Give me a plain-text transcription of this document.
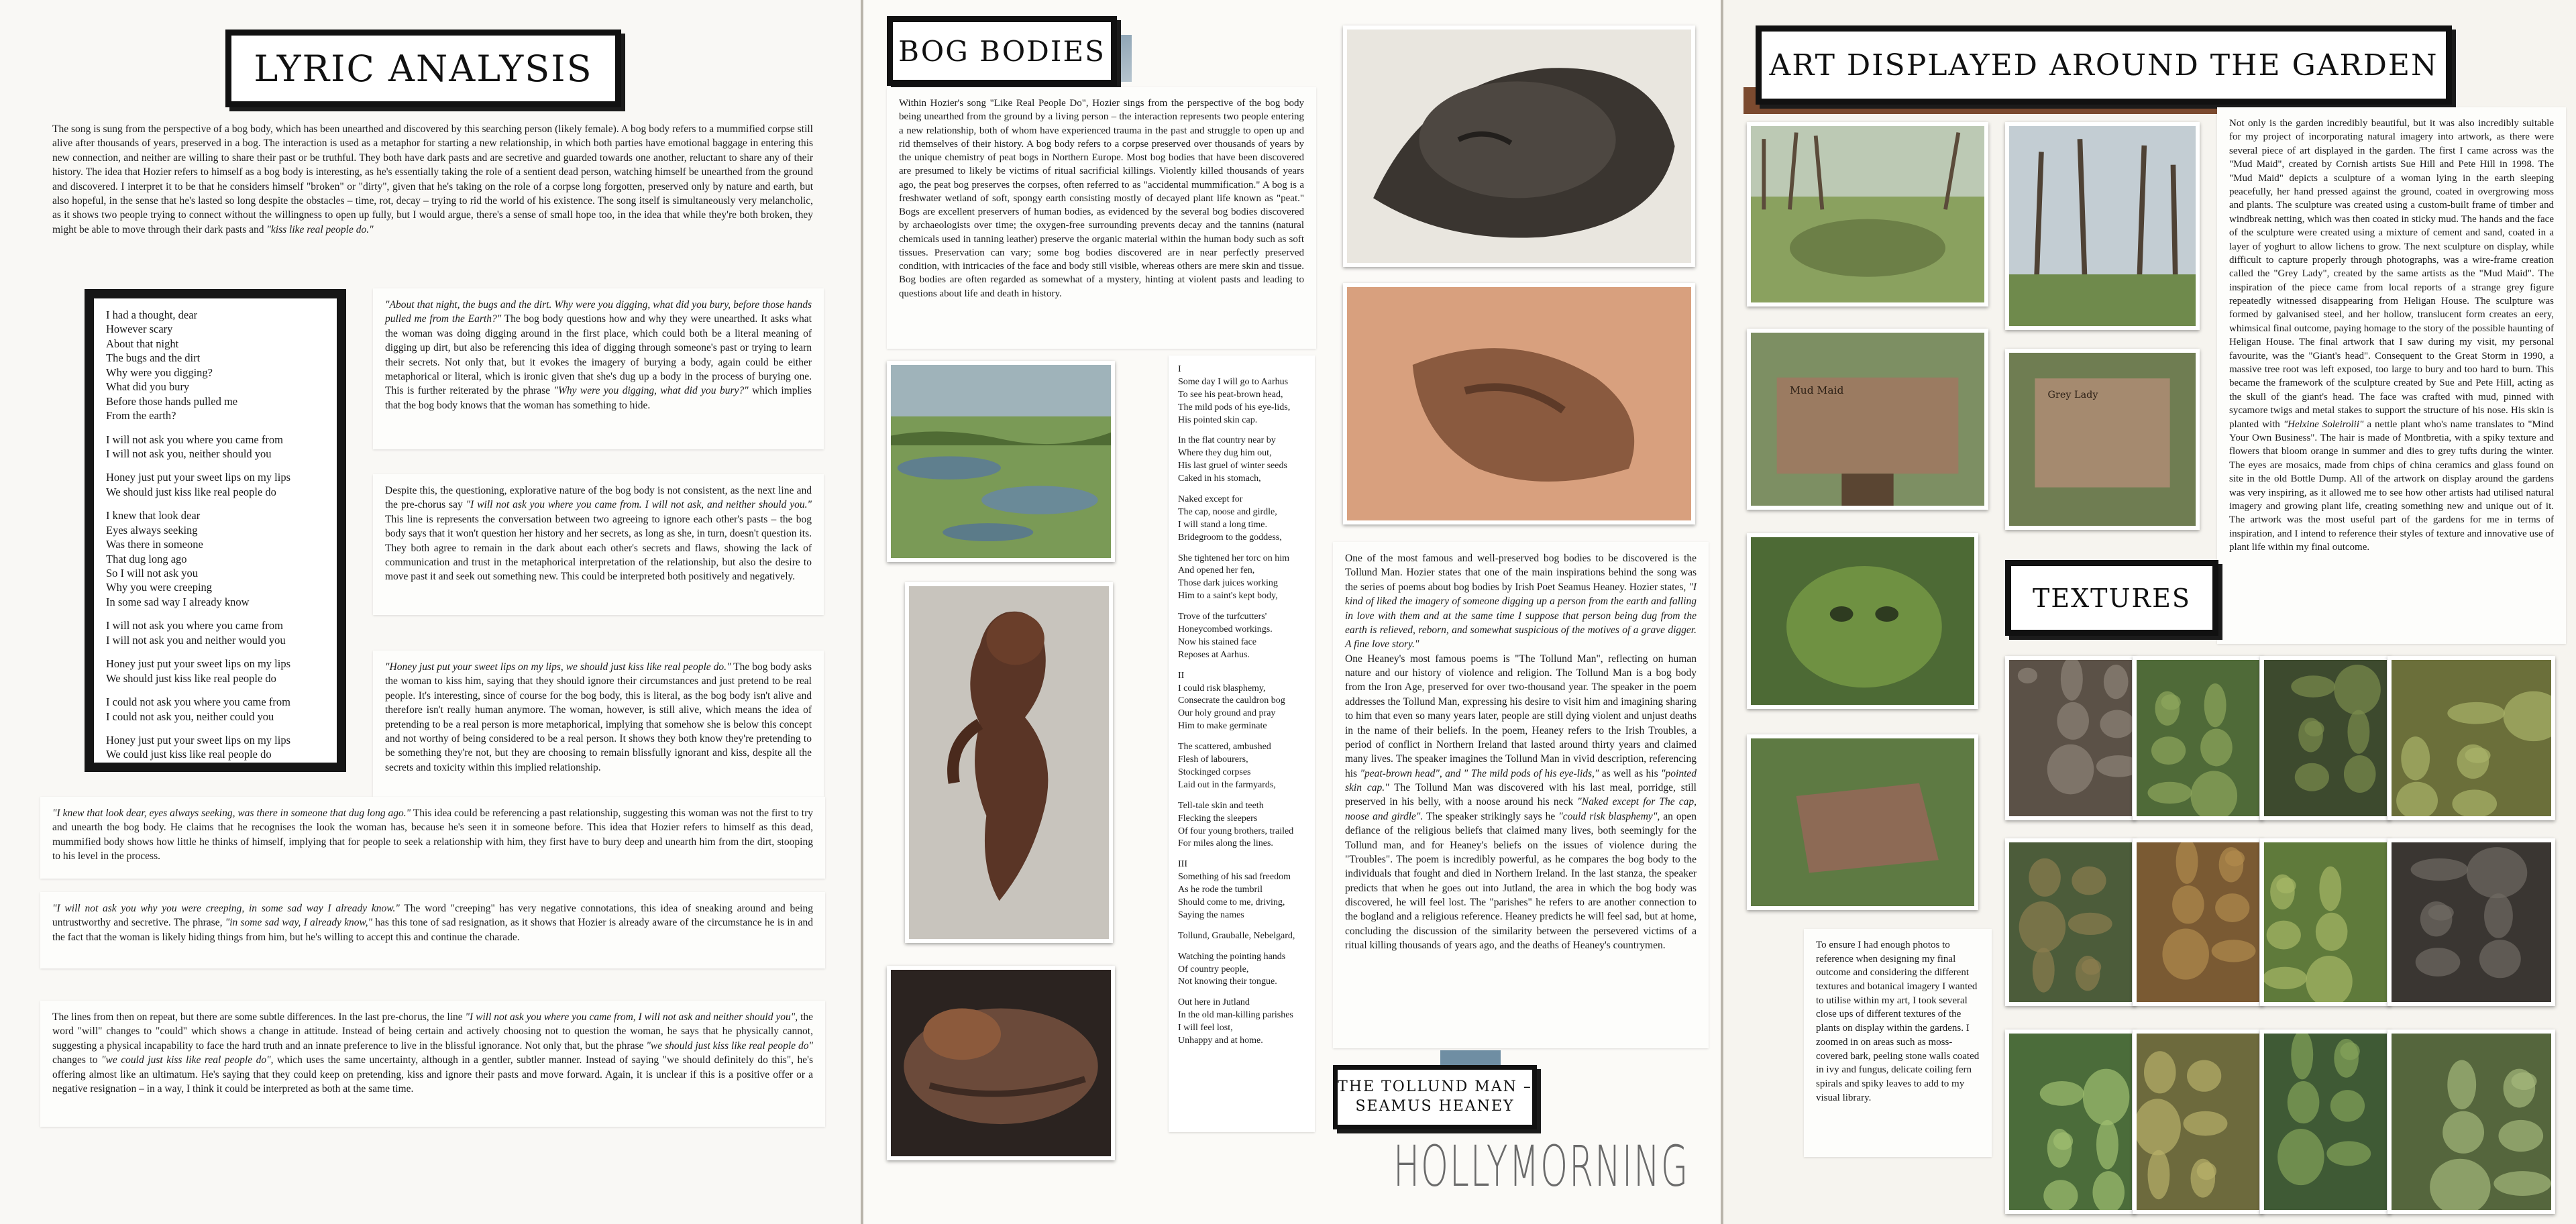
LYRIC ANALYSIS

The song is sung from the perspective of a bog body, which has been unearthed and discovered by this searching person (likely female). A bog body refers to a mummified corpse still alive after thousands of years, preserved in a bog. The interaction is used as a metaphor for starting a new relationship, in which both parties have emotional baggage in entering this new connection, and neither are willing to share their past or be truthful. They both have dark pasts and are secretive and guarded towards one another, reluctant to share any of their history. The idea that Hozier refers to himself as a bog body is interesting, as he's essentially taking the role of a sentient dead person, watching himself be unearthed from the ground and discovered. I interpret it to be that he considers himself "broken" or "dirty", given that he's taking on the role of a corpse long forgotten, preserved only by nature and earth, but also hopeful, in the sense that he's lasted so long despite the obstacles – time, rot, decay – trying to rid the world of his existence. The song itself is simultaneously very melancholic, as it shows two people trying to connect without the willingness to open up fully, but I would argue, there's a sense of small hope too, in the idea that while they're both broken, they might be able to move through their dark pasts and "kiss like real people do."

I had a thought, dear
However scary
About that night
The bugs and the dirt
Why were you digging?
What did you bury
Before those hands pulled me
From the earth?
I will not ask you where you came from
I will not ask you, neither should you
Honey just put your sweet lips on my lips
We should just kiss like real people do
I knew that look dear
Eyes always seeking
Was there in someone
That dug long ago
So I will not ask you
Why you were creeping
In some sad way I already know
I will not ask you where you came from
I will not ask you and neither would you
Honey just put your sweet lips on my lips
We should just kiss like real people do
I could not ask you where you came from
I could not ask you, neither could you
Honey just put your sweet lips on my lips
We could just kiss like real people do

"About that night, the bugs and the dirt. Why were you digging, what did you bury, before those hands pulled me from the Earth?" The bog body questions how and why they were unearthed. It asks what the woman was doing digging around in the first place, which could both be a literal meaning of digging up dirt, but also be referencing this idea of digging through someone's past or trying to learn their secrets. Not only that, but it evokes the imagery of burying a body, again could be either metaphorical or literal, which is ironic given that she's dug up a body in the process of burying one. This is further reiterated by the phrase "Why were you digging, what did you bury?" which implies that the bog body knows that the woman has something to hide.

Despite this, the questioning, explorative nature of the bog body is not consistent, as the next line and the pre-chorus say "I will not ask you where you came from. I will not ask, and neither should you." This line is represents the conversation between two agreeing to ignore each other's pasts – the bog body says that it won't question her history and her secrets, as long as she, in turn, doesn't question its. They both agree to remain in the dark about each other's secrets and flaws, showing the lack of communication and trust in the metaphorical interpretation of the relationship, but also the desire to move past it and seek out something new. This could be interpreted both positively and negatively.

"Honey just put your sweet lips on my lips, we should just kiss like real people do." The bog body asks the woman to kiss him, saying that they should ignore their circumstances and just pretend to be real people. It's interesting, since of course for the bog body, this is literal, as the bog body isn't alive and therefore isn't really human anymore. The woman, however, is still alive, which means the idea of pretending to be a real person is more metaphorical, implying that somehow she is below this concept and not worthy of being considered to be a real person. It shows they both know they're pretending to be something they're not, but they are choosing to remain blissfully ignorant and kiss, despite all the secrets and toxicity within this implied relationship.

"I knew that look dear, eyes always seeking, was there in someone that dug long ago." This idea could be referencing a past relationship, suggesting this woman was not the first to try and unearth the bog body. He claims that he recognises the look the woman has, because he's seen it in someone before. This idea that Hozier refers to himself as this dead, mummified body shows how little he thinks of himself, implying that for people to seek a relationship with him, they first have to bury deep and unearth him from the dirt, stooping to his level in the process.

"I will not ask you why you were creeping, in some sad way I already know." The word "creeping" has very negative connotations, this idea of sneaking around and being untrustworthy and secretive. The phrase, "in some sad way, I already know," has this tone of sad resignation, as it shows that Hozier is already aware of the circumstance he is in and the fact that the woman is likely hiding things from him, but he's willing to accept this and continue the charade.

The lines from then on repeat, but there are some subtle differences. In the last pre-chorus, the line "I will not ask you where you came from, I will not ask and neither should you", the word "will" changes to "could" which shows a change in attitude. Instead of being certain and actively choosing not to question the woman, he says that he physically cannot, suggesting a physical incapability to face the hard truth and an innate preference to live in the blissful ignorance. Not only that, but the phrase "we should just kiss like real people do" changes to "we could just kiss like real people do", which uses the same uncertainty, although in a gentler, subtler manner. Instead of saying "we should definitely do this", he's offering almost like an ultimatum. He's saying that they could keep on pretending, kiss and ignore their pasts and move forward. Again, it is unclear if this is a positive offer or a negative resignation – in a way, I think it could be interpreted as both at the same time.

BOG BODIES

Within Hozier's song "Like Real People Do", Hozier sings from the perspective of the bog body being unearthed from the ground by a living person – the interaction represents two people entering a new relationship, both of whom have experienced trauma in the past and struggle to open up and rid themselves of their history. A bog body refers to a corpse preserved over thousands of years by the unique chemistry of peat bogs in Northern Europe. Most bog bodies that have been discovered are presumed to likely be victims of ritual sacrificial killings. Violently killed thousands of years ago, the peat bog preserves the corpses, often referred to as "accidental mummification." A bog is a freshwater wetland of soft, spongy earth consisting mostly of decayed plant life known as "peat." Bogs are excellent preservers of human bodies, as evidenced by the several bog bodies discovered by archaeologists over time; the oxygen-free surrounding prevents decay and the tannins (natural chemicals used in tanning leather) preserve the organic material within the human body such as soft tissues. Preservation can vary; some bog bodies discovered are in near perfectly preserved condition, with intricacies of the face and body still visible, whereas others are mere skin and tissue. Bog bodies are often regarded as somewhat of a mystery, hinting at violent pasts and leading to questions about life and death in history.

I
Some day I will go to Aarhus
To see his peat-brown head,
The mild pods of his eye-lids,
His pointed skin cap.
In the flat country near by
Where they dug him out,
His last gruel of winter seeds
Caked in his stomach,
Naked except for
The cap, noose and girdle,
I will stand a long time.
Bridegroom to the goddess,
She tightened her torc on him
And opened her fen,
Those dark juices working
Him to a saint's kept body,
Trove of the turfcutters'
Honeycombed workings.
Now his stained face
Reposes at Aarhus.
II
I could risk blasphemy,
Consecrate the cauldron bog
Our holy ground and pray
Him to make germinate
The scattered, ambushed
Flesh of labourers,
Stockinged corpses
Laid out in the farmyards,
Tell-tale skin and teeth
Flecking the sleepers
Of four young brothers, trailed
For miles along the lines.
III
Something of his sad freedom
As he rode the tumbril
Should come to me, driving,
Saying the names
Tollund, Grauballe, Nebelgard,
Watching the pointing hands
Of country people,
Not knowing their tongue.
Out here in Jutland
In the old man-killing parishes
I will feel lost,
Unhappy and at home.

One of the most famous and well-preserved bog bodies to be discovered is the Tollund Man. Hozier states that one of the main inspirations behind the song was the series of poems about bog bodies by Irish Poet Seamus Heaney. Hozier states, "I kind of liked the imagery of someone digging up a person from the earth and falling in love with them and at the same time I suppose that person being dug from the earth is relieved, reborn, and somewhat suspicious of the motives of a grave digger. A fine love story."
One Heaney's most famous poems is "The Tollund Man", reflecting on human nature and our history of violence and religion. The Tollund Man is a bog body from the Iron Age, preserved for over two-thousand year. The speaker in the poem addresses the Tollund Man, expressing his desire to visit him and imagining sharing to him that even so many years later, people are still dying violent and unjust deaths in the name of their beliefs. In the poem, Heaney refers to the Irish Troubles, a period of conflict in Northern Ireland that lasted around thirty years and claimed many lives. The speaker imagines the Tollund Man in vivid description, referencing his "peat-brown head", and " The mild pods of his eye-lids," as well as his "pointed skin cap." The Tollund Man was discovered with his last meal, porridge, still preserved in his belly, with a noose around his neck "Naked except for The cap, noose and girdle". The speaker strikingly says he "could risk blasphemy", an open defiance of the religious beliefs that claimed many lives, both seemingly for the Tollund man, and for Heaney's beliefs on the issues of violence during the "Troubles". The poem is incredibly powerful, as he compares the bog body to the individuals that fought and died in Northern Ireland. In the last stanza, the speaker predicts that when he goes out into Jutland, the area in which the bog body was discovered, he will feel lost. The "parishes" he refers to are another connection to the bogland and a religious reference. Heaney predicts he will feel sad, but at home, concluding the discussion of the similarity between the persevered victims of a ritual killing thousands of years ago, and the deaths of Heaney's countrymen.

THE TOLLUND MAN –
SEAMUS HEANEY
HOLLYMORNING
ART DISPLAYED AROUND THE GARDEN
Mud Maid	Grey Lady

Not only is the garden incredibly beautiful, but it was also incredibly suitable for my project of incorporating natural imagery into artwork, as there were several piece of art displayed in the garden. The first I came across was the "Mud Maid", created by Cornish artists Sue Hill and Pete Hill in 1998. The "Mud Maid" depicts a sculpture of a woman lying in the earth sleeping peacefully, her hand pressed against the ground, coated in overgrowing moss and plants. The sculpture was created using a custom-built frame of timber and windbreak netting, which was then coated in sticky mud. The hands and the face of the sculpture were created using a mixture of cement and sand, coated in a layer of yoghurt to allow lichens to grow. The next sculpture on display, while difficult to capture properly through photographs, was a wire-frame creation called the "Grey Lady", created by the same artists as the "Mud Maid". The inspiration of the piece came from local reports of a strange grey figure repeatedly witnessed disappearing from Heligan House. The sculpture was formed by galvanised steel, and her hollow, translucent form creates an eery, whimsical final outcome, paying homage to the story of the possible haunting of Heligan House. The final artwork that I saw during my visit, my personal favourite, was the "Giant's head". Consequent to the Great Storm in 1990, a massive tree root was left exposed, too large to bury and too hard to burn. This became the framework of the sculpture created by Sue and Pete Hill, acting as the skull of the giant's head. The face was crafted with mud, pinned with sycamore twigs and metal stakes to support the structure of his nose. His skin is planted with "Helxine Soleirolii" a nettle plant who's name translates to "Mind Your Own Business". The hair is made of Montbretia, with a spiky texture and flowers that bloom orange in summer and dies to grey tufts during the winter. The eyes are mosaics, made from chips of china ceramics and glass found on site in the old Bottle Dump. All of the artwork on display around the gardens was very inspiring, as it allowed me to see how other artists had utilised natural imagery and growing plant life, creating something new and unique out of it. The artwork was the most useful part of the gardens for me in terms of inspiration, and I intend to reference their styles of texture and innovative use of plant life within my final outcome.

TEXTURES

To ensure I had enough photos to reference when designing my final outcome and considering the different textures and botanical imagery I wanted to utilise within my art, I took several close ups of different textures of the plants on display within the gardens. I zoomed in on areas such as moss-covered bark, peeling stone walls coated in ivy and fungus, delicate coiling fern spirals and spiky leaves to add to my visual library.
